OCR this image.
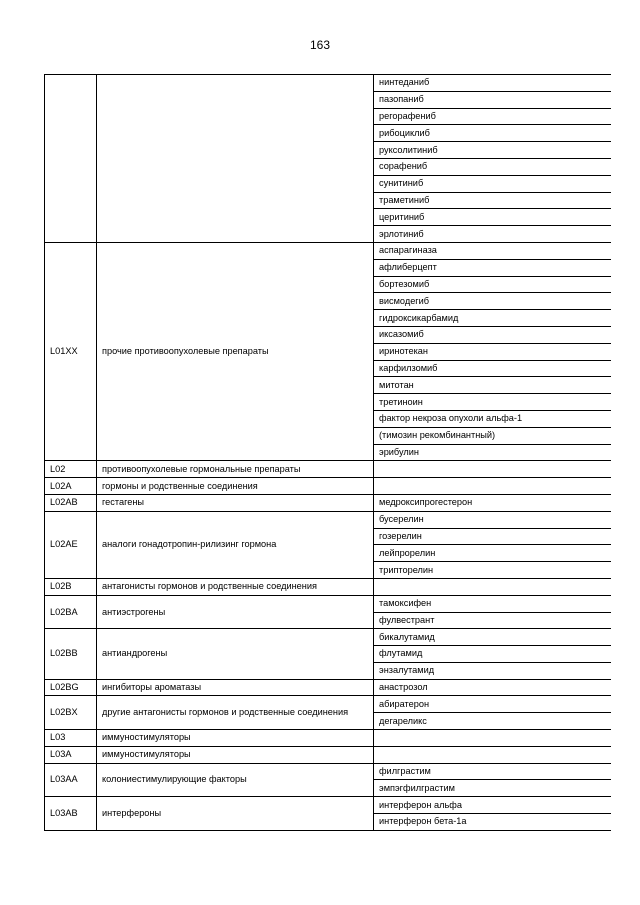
163
		нинтеданиб
		пазопаниб
		регорафениб
		рибоциклиб
		руксолитиниб
		сорафениб
		сунитиниб
		траметиниб
		церитиниб
		эрлотиниб
L01XX	прочие противоопухолевые препараты	аспарагиназа
		афлиберцепт
		бортезомиб
		висмодегиб
		гидроксикарбамид
		иксазомиб
		иринотекан
		карфилзомиб
		митотан
		третиноин
		фактор некроза опухоли альфа-1
		(тимозин рекомбинантный)
		эрибулин
L02	противоопухолевые гормональные препараты	
L02A	гормоны и родственные соединения	
L02AB	гестагены	медроксипрогестерон
L02AE	аналоги гонадотропин-рилизинг гормона	бусерелин
		гозерелин
		лейпрорелин
		трипторелин
L02B	антагонисты гормонов и родственные соединения	
L02BA	антиэстрогены	тамоксифен
		фулвестрант
L02BB	антиандрогены	бикалутамид
		флутамид
		энзалутамид
L02BG	ингибиторы ароматазы	анастрозол
L02BX	другие антагонисты гормонов и родственные соединения	абиратерон
		дегареликс
L03	иммуностимуляторы	
L03A	иммуностимуляторы	
L03AA	колониестимулирующие факторы	филграстим
		эмпэгфилграстим
L03AB	интерфероны	интерферон альфа
		интерферон бета-1a
